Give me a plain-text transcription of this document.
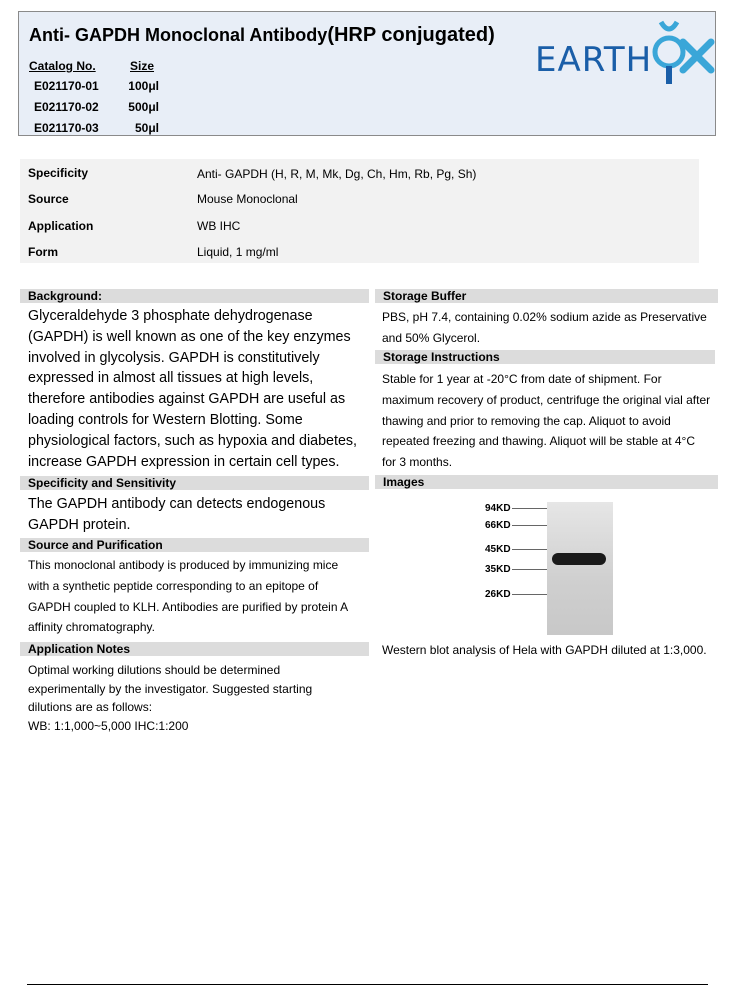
Anti- GAPDH Monoclonal Antibody(HRP conjugated)
Catalog No.	Size
E021170-01 100μl
E021170-02 500μl
E021170-03	50μl
EARTH
Specificity	Anti- GAPDH (H, R, M, Mk, Dg, Ch, Hm, Rb, Pg, Sh)
Source	Mouse Monoclonal
Application	WB IHC
Form	Liquid, 1 mg/ml
Background:
Glyceraldehyde 3 phosphate dehydrogenase
(GAPDH) is well known as one of the key enzymes
involved in glycolysis. GAPDH is constitutively
expressed in almost all tissues at high levels,
therefore antibodies against GAPDH are useful as
loading controls for Western Blotting. Some
physiological factors, such as hypoxia and diabetes,
increase GAPDH expression in certain cell types.
Specificity and Sensitivity
The GAPDH antibody can detects endogenous
GAPDH protein.
Source and Purification
This monoclonal antibody is produced by immunizing mice
with a synthetic peptide corresponding to an epitope of
GAPDH coupled to KLH. Antibodies are purified by protein A
affinity chromatography.
Application Notes
Optimal working dilutions should be determined
experimentally by the investigator. Suggested starting
dilutions are as follows:
WB: 1:1,000~5,000 IHC:1:200
Storage Buffer
PBS, pH 7.4, containing 0.02% sodium azide as Preservative
and 50% Glycerol.
Storage Instructions
Stable for 1 year at -20°C from date of shipment. For
maximum recovery of product, centrifuge the original vial after
thawing and prior to removing the cap. Aliquot to avoid
repeated freezing and thawing. Aliquot will be stable at 4°C
for 3 months.
Images
94KD
66KD
45KD
35KD
26KD
Western blot analysis of Hela with GAPDH diluted at 1:3,000.
